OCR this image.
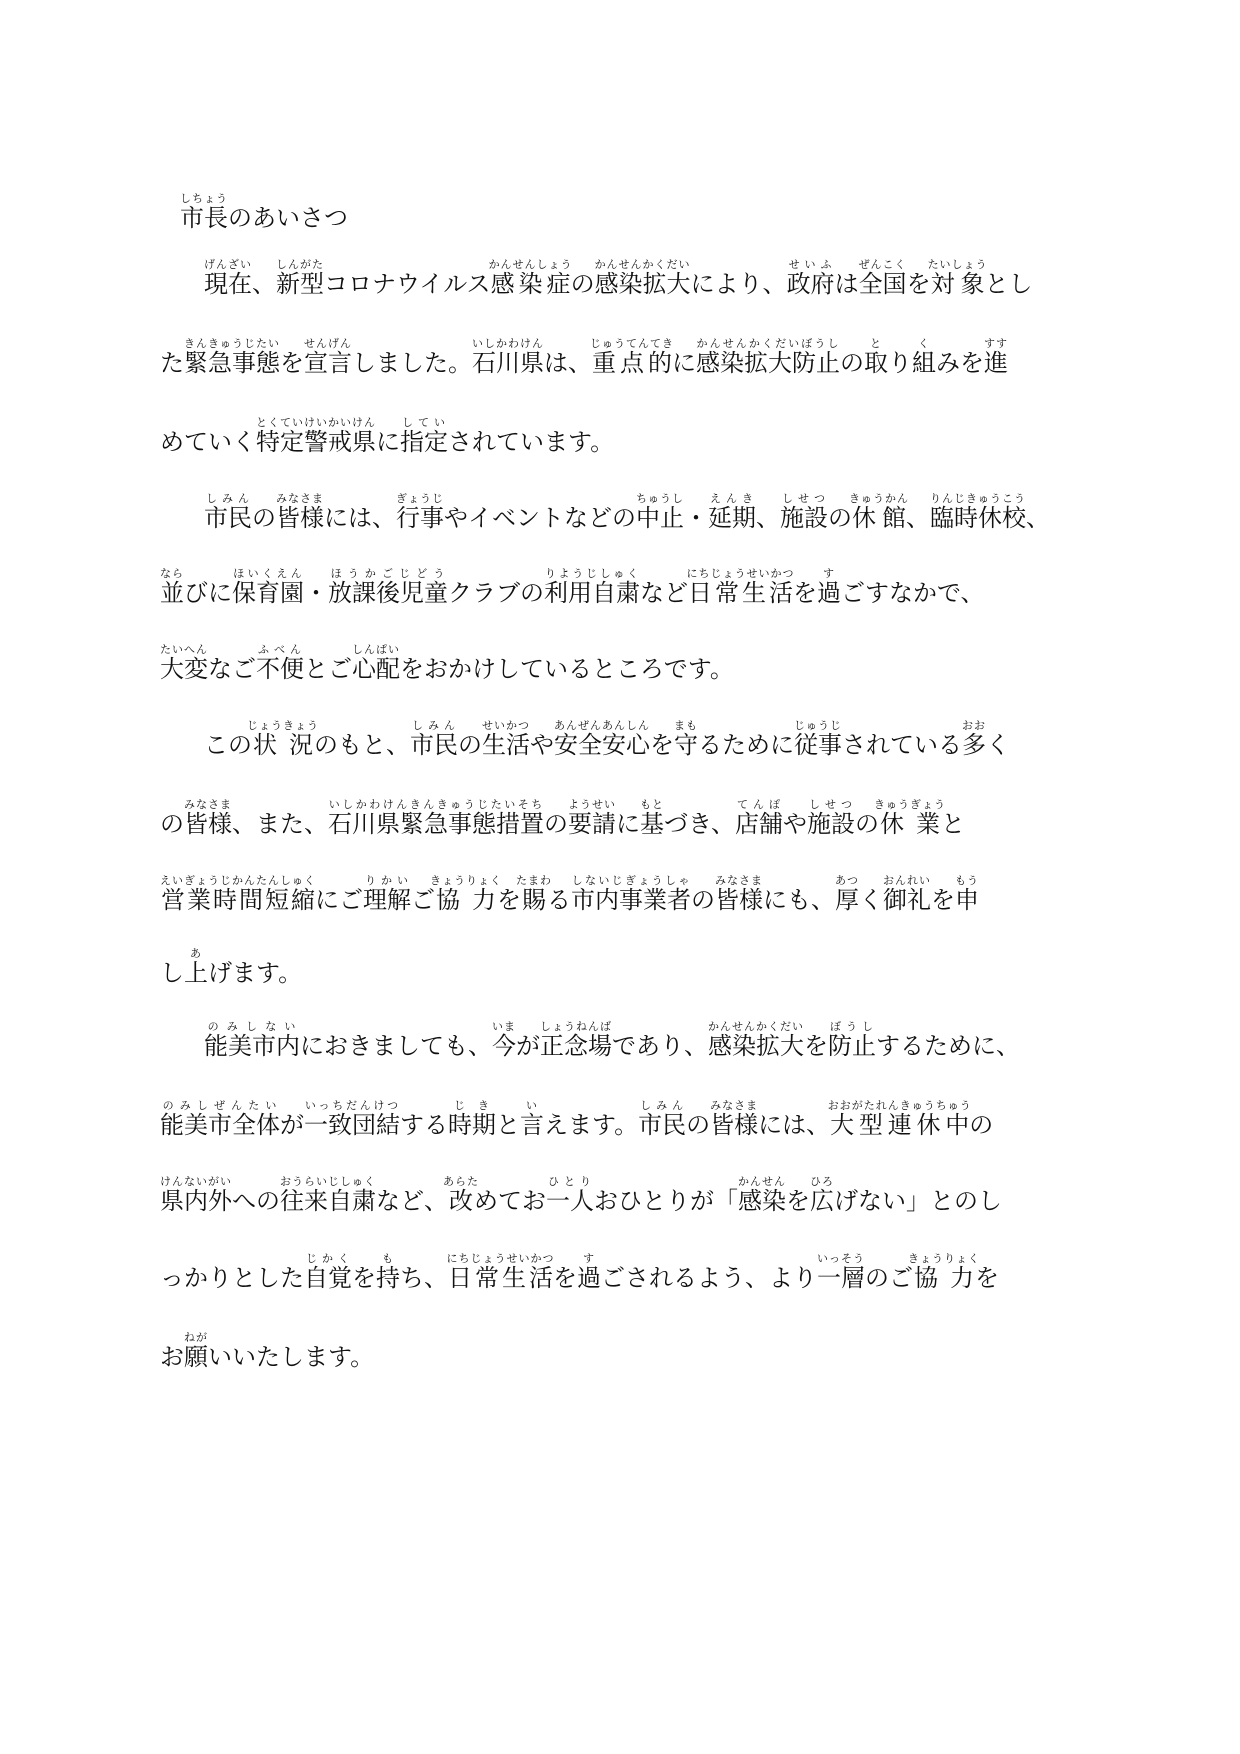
市長しちょうのあいさつ
　現在げんざい、新型しんがたコロナウイルス感染症かんせんしょうの感染拡大かんせんかくだいにより、政府せいふは全国ぜんこくを対象たいしょうとし
た緊急事態きんきゅうじたいを宣言せんげんしました。石川県いしかわけんは、重点的じゅうてんてきに感染拡大防止かんせんかくだいぼうしの取とり組くみを進すす
めていく特定警戒県とくていけいかいけんに指定していされています。
　市民しみんの皆様みなさまには、行事ぎょうじやイベントなどの中止ちゅうし・延期えんき、施設しせつの休館きゅうかん、臨時休校りんじきゅうこう、
並ならびに保育園ほいくえん・放課後児童ほうかごじどうクラブの利用自粛りようじしゅくなど日常生活にちじょうせいかつを過すごすなかで、
大変たいへんなご不便ふべんとご心配しんぱいをおかけしているところです。
　この状況じょうきょうのもと、市民しみんの生活せいかつや安全安心あんぜんあんしんを守まもるために従事じゅうじされている多おおく
の皆様みなさま、また、石川県緊急事態措置いしかわけんきんきゅうじたいそちの要請ようせいに基もとづき、店舗てんぽや施設しせつの休業きゅうぎょうと
営業時間短縮えいぎょうじかんたんしゅくにご理解りかいご協力きょうりょくを賜たまわる市内事業者しないじぎょうしゃの皆様みなさまにも、厚あつく御礼おんれいを申もう
し上あげます。
　能美市内のみしないにおきましても、今いまが正念場しょうねんばであり、感染拡大かんせんかくだいを防止ぼうしするために、
能美市全体のみしぜんたいが一致団結いっちだんけつする時期じきと言いえます。市民しみんの皆様みなさまには、大型連休中おおがたれんきゅうちゅうの
県内外けんないがいへの往来自粛おうらいじしゅくなど、改あらためてお一人ひとりおひとりが「感染かんせんを広ひろげない」とのし
っかりとした自覚じかくを持もち、日常生活にちじょうせいかつを過すごされるよう、より一層いっそうのご協力きょうりょくを
お願ねがいいたします。
